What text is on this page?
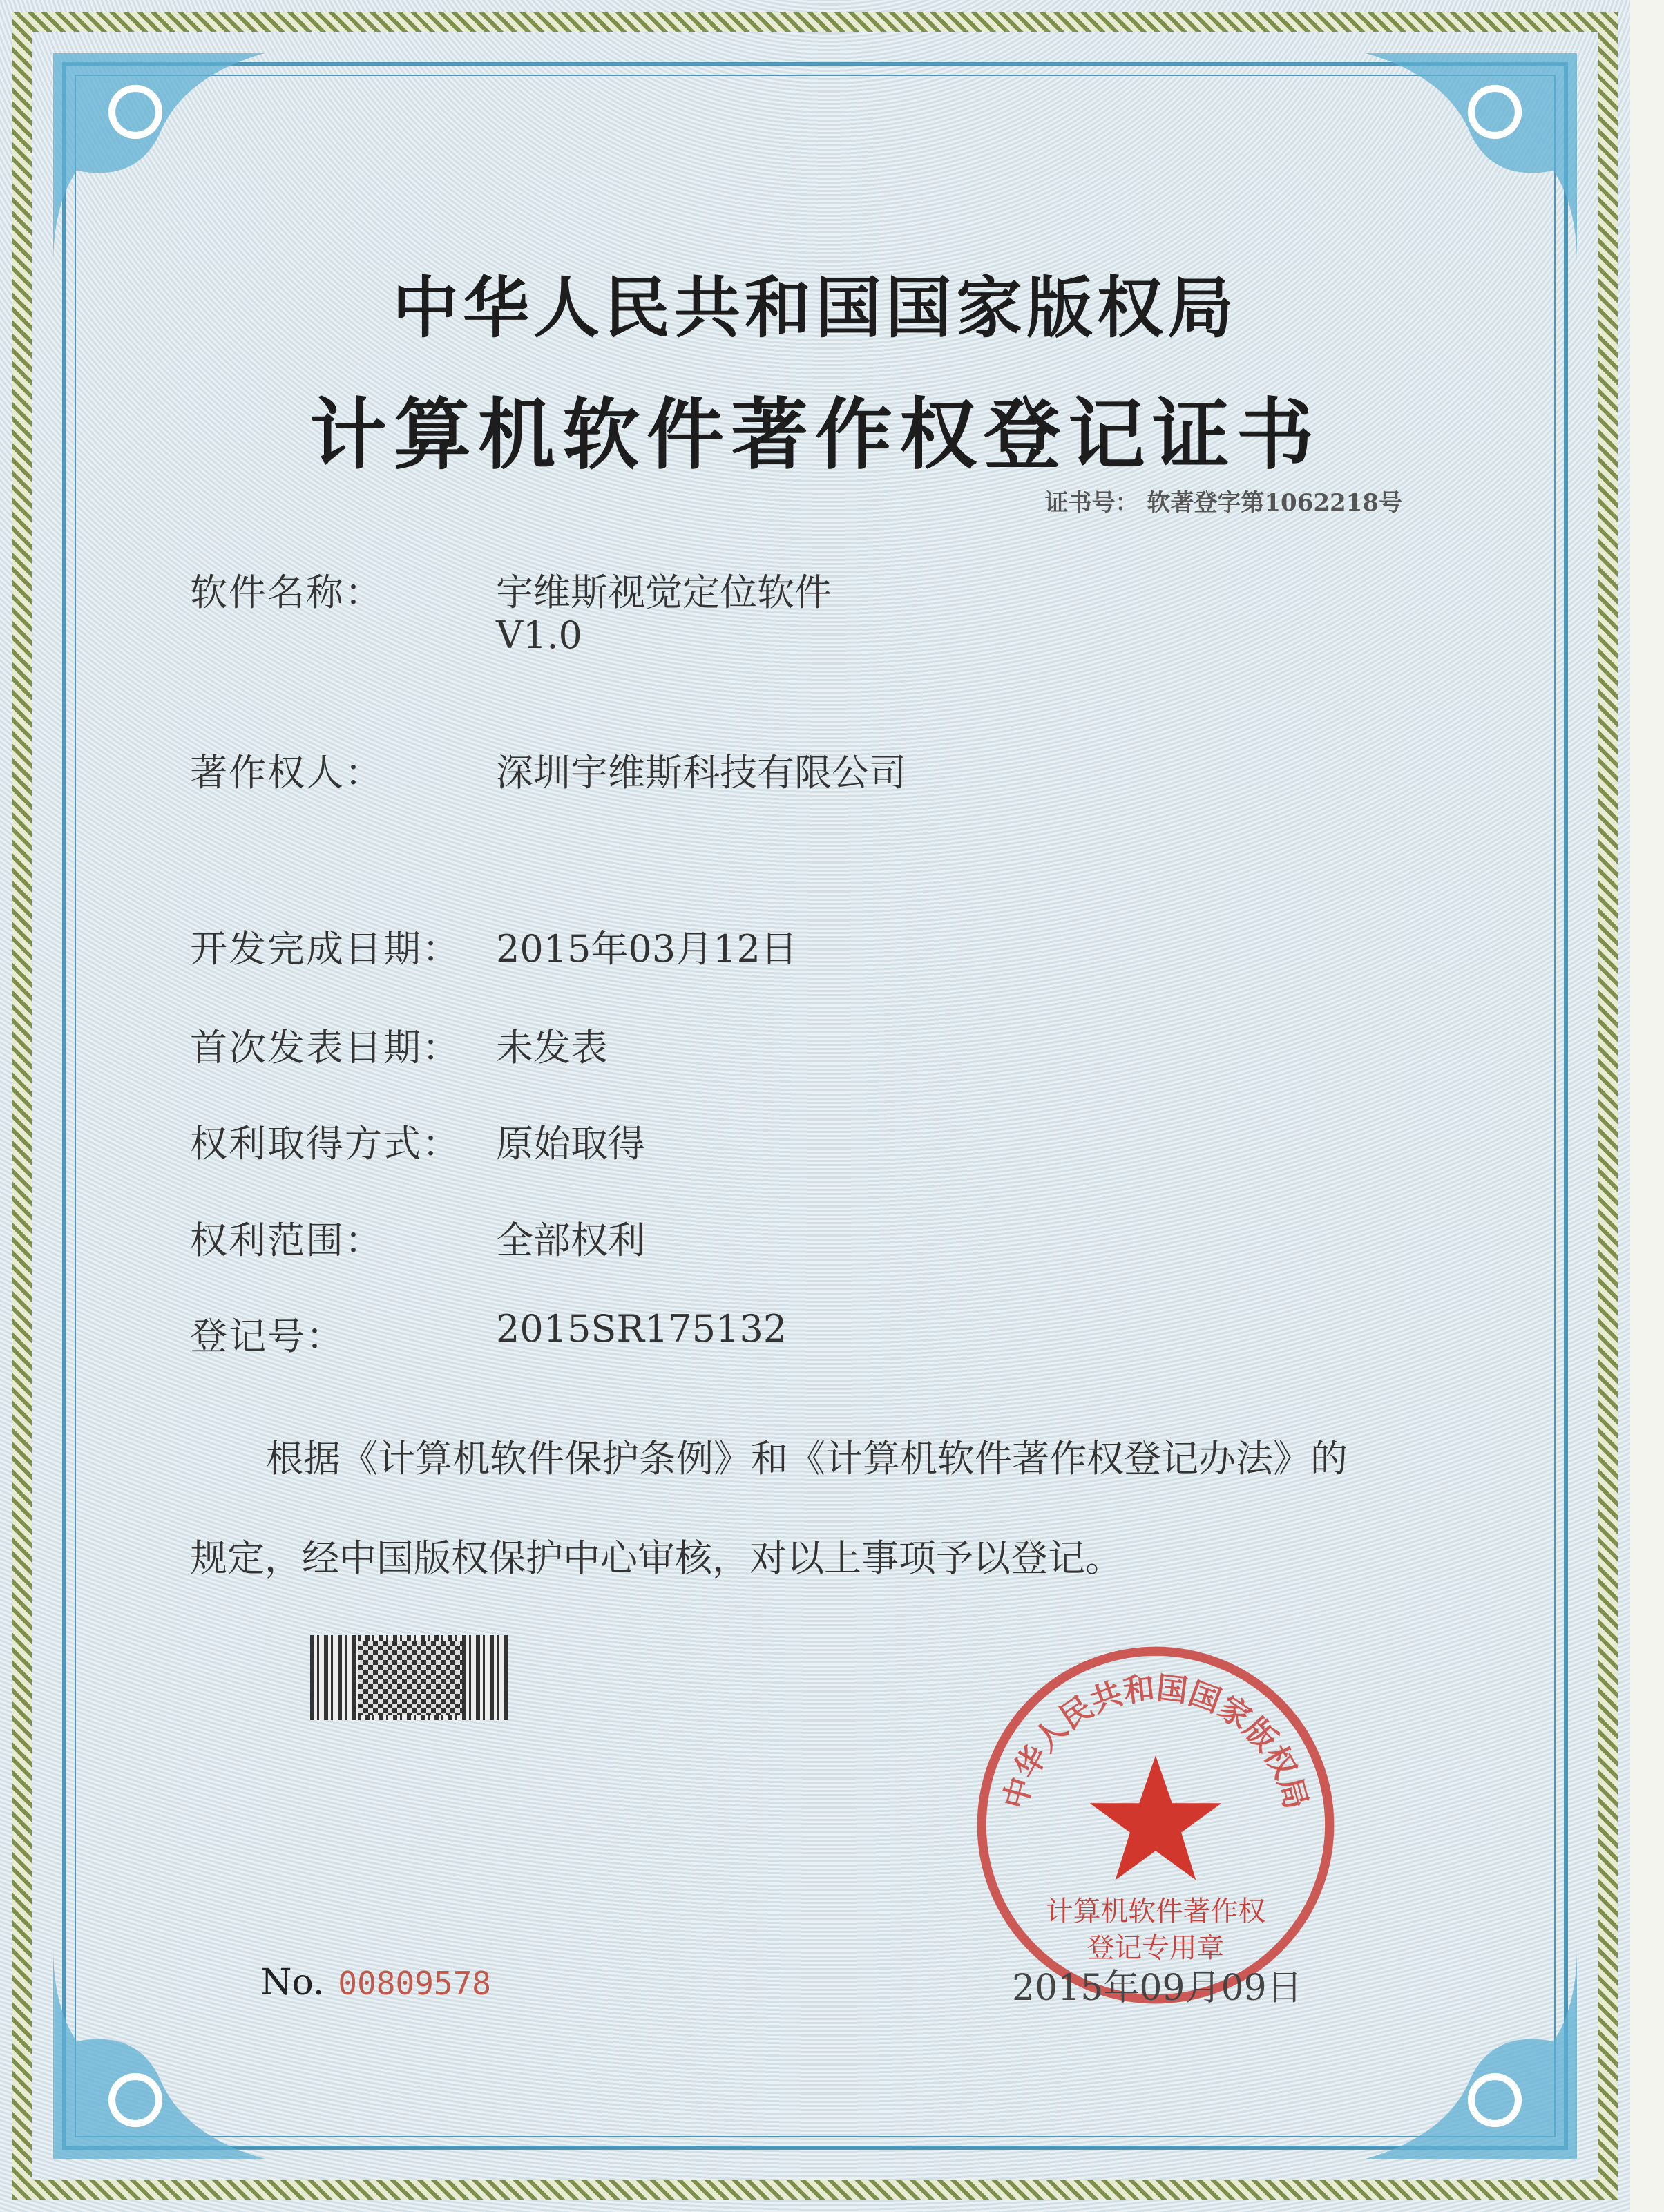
中华人民共和国国家版权局
计算机软件著作权登记证书
证书号： 软著登字第1062218号
软件名称：	宇维斯视觉定位软件
V1.0
著作权人：	深圳宇维斯科技有限公司
开发完成日期： 2015年03月12日
首次发表日期： 未发表
权利取得方式： 原始取得
权利范围：	全部权利
登记号：	2015SR175132
根据《计算机软件保护条例》和《计算机软件著作权登记办法》的
规定，经中国版权保护中心审核，对以上事项予以登记。
中华人民共和国国家版权局
计算机软件著作权
登记专用章
No. 00809578	2015年09月09日
